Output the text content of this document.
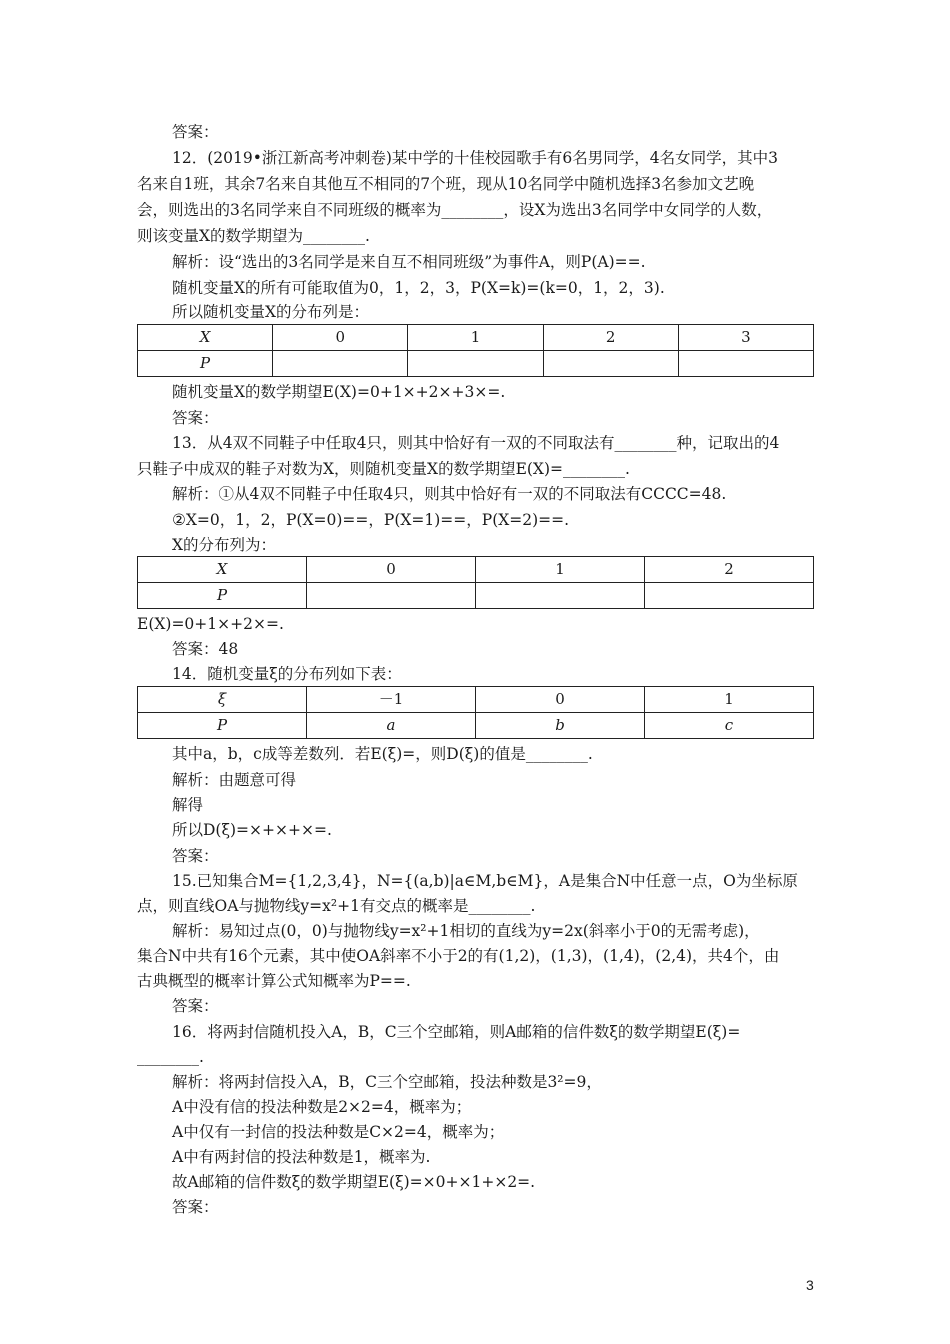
3
答案：
12．(2019•浙江新高考冲刺卷)某中学的十佳校园歌手有6名男同学，4名女同学，其中3
名来自1班，其余7名来自其他互不相同的7个班，现从10名同学中随机选择3名参加文艺晚
会，则选出的3名同学来自不同班级的概率为________，设X为选出3名同学中女同学的人数，
则该变量X的数学期望为________.
解析：设“选出的3名同学是来自互不相同班级”为事件A，则P(A)==.
随机变量X的所有可能取值为0，1，2，3，P(X=k)=(k=0，1，2，3).
所以随机变量X的分布列是：
随机变量X的数学期望E(X)=0+1×+2×+3×=.
答案：
13．从4双不同鞋子中任取4只，则其中恰好有一双的不同取法有________种，记取出的4
只鞋子中成双的鞋子对数为X，则随机变量X的数学期望E(X)=________.
解析：①从4双不同鞋子中任取4只，则其中恰好有一双的不同取法有CCCC=48.
②X=0，1，2，P(X=0)==，P(X=1)==，P(X=2)==.
X的分布列为：
E(X)=0+1×+2×=.
答案：48
14．随机变量ξ的分布列如下表：
其中a，b，c成等差数列．若E(ξ)=，则D(ξ)的值是________.
解析：由题意可得
解得
所以D(ξ)=×+×+×=.
答案：
15.已知集合M={1,2,3,4}，N={(a,b)|a∈M,b∈M}，A是集合N中任意一点，O为坐标原
点，则直线OA与抛物线y=x²+1有交点的概率是________.
解析：易知过点(0，0)与抛物线y=x²+1相切的直线为y=2x(斜率小于0的无需考虑)，
集合N中共有16个元素，其中使OA斜率不小于2的有(1,2)，(1,3)，(1,4)，(2,4)，共4个，由
古典概型的概率计算公式知概率为P==.
答案：
16．将两封信随机投入A，B，C三个空邮箱，则A邮箱的信件数ξ的数学期望E(ξ)=
________.
解析：将两封信投入A，B，C三个空邮箱，投法种数是3²=9，
A中没有信的投法种数是2×2=4，概率为；
A中仅有一封信的投法种数是C×2=4，概率为；
A中有两封信的投法种数是1，概率为.
故A邮箱的信件数ξ的数学期望E(ξ)=×0+×1+×2=.
答案：
X	0	1	2	3
P				
X	0	1	2
P			
ξ	－1	0	1
P	a	b	c
